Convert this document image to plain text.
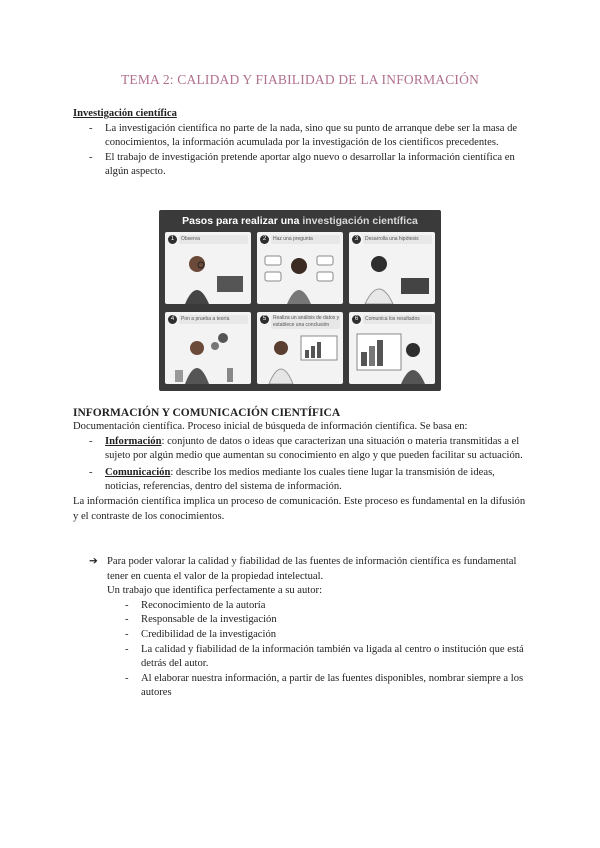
TEMA 2: CALIDAD Y FIABILIDAD DE LA INFORMACIÓN
Investigación científica
- La investigación científica no parte de la nada, sino que su punto de arranque debe ser la masa de conocimientos, la información acumulada por la investigación de los científicos precedentes.
- El trabajo de investigación pretende aportar algo nuevo o desarrollar la información científica en algún aspecto.
Pasos para realizar una investigación científica
1	Observa	2	Haz una pregunta	3	Desarrolla una hipótesis
4	Pon a prueba a teoría	5	Realiza un análisis de datos y establece una conclusión
6	Comunica los resultados
INFORMACIÓN Y COMUNICACIÓN CIENTÍFICA
Documentación científica. Proceso inicial de búsqueda de información científica. Se basa en:
- Información: conjunto de datos o ideas que caracterizan una situación o materia transmitidas a el sujeto por algún medio que aumentan su conocimiento en algo y que pueden facilitar su actuación.
- Comunicación: describe los medios mediante los cuales tiene lugar la transmisión de ideas, noticias, referencias, dentro del sistema de información.
La información científica implica un proceso de comunicación. Este proceso es fundamental en la difusión y el contraste de los conocimientos.
➔ Para poder valorar la calidad y fiabilidad de las fuentes de información científica es fundamental tener en cuenta el valor de la propiedad intelectual.
Un trabajo que identifica perfectamente a su autor:
- Reconocimiento de la autoría
- Responsable de la investigación
- Credibilidad de la investigación
- La calidad y fiabilidad de la información también va ligada al centro o institución que está detrás del autor.
- Al elaborar nuestra información, a partir de las fuentes disponibles, nombrar siempre a los autores
